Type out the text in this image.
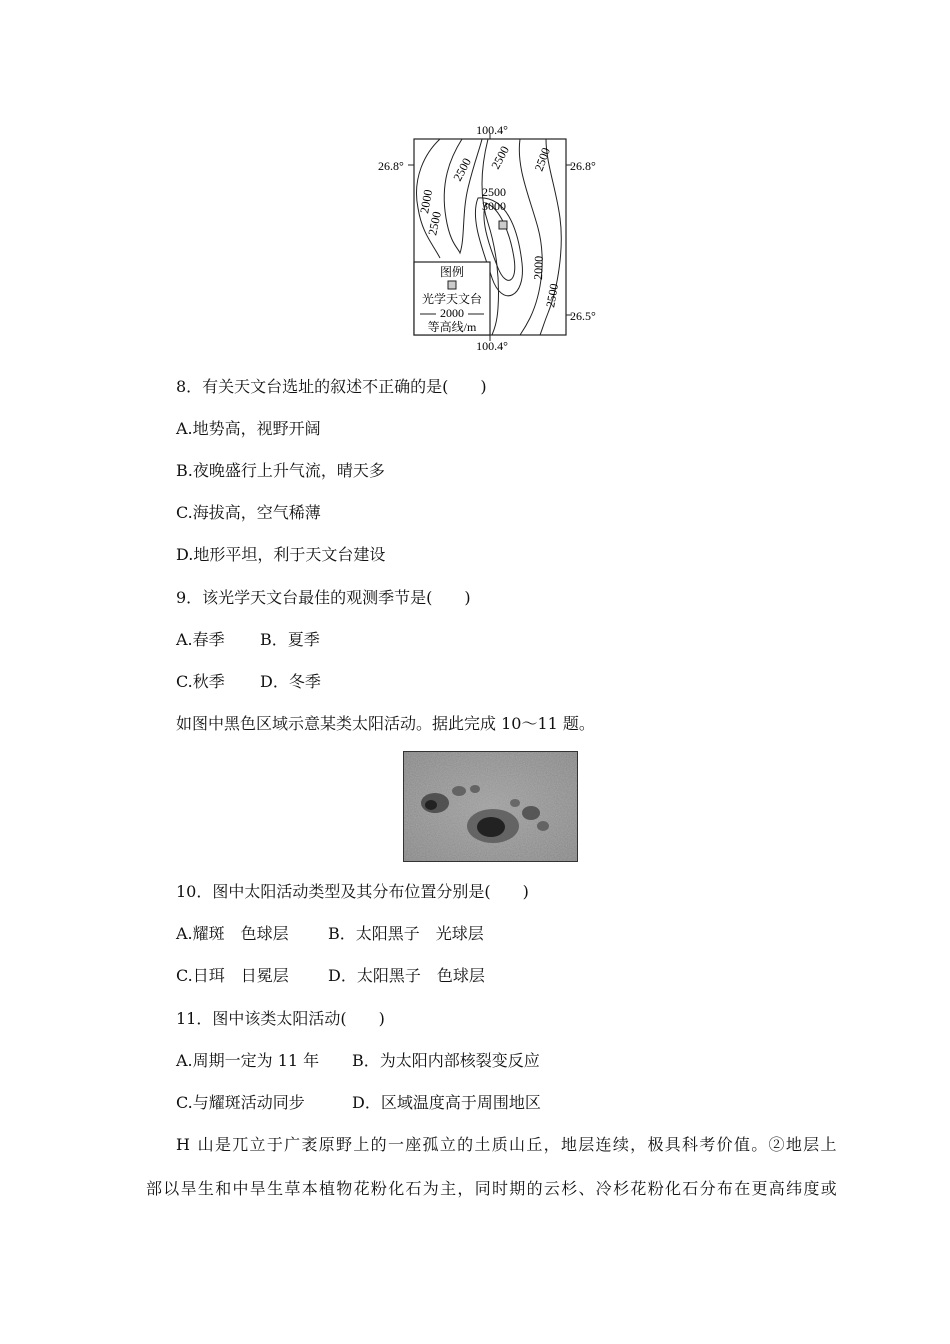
100.4°
26.8°	26.8°
26.5°
100.4°
2500 2500 2500
2000
2500
2500
3000
2000
2500
图例
光学天文台
2000
等高线/m
8．有关天文台选址的叙述不正确的是(　　)
A.地势高，视野开阔
B.夜晚盛行上升气流，晴天多
C.海拔高，空气稀薄
D.地形平坦，利于天文台建设
9．该光学天文台最佳的观测季节是(　　)
A.春季 B．夏季
C.秋季 D．冬季
如图中黑色区域示意某类太阳活动。据此完成 10～11 题。
10．图中太阳活动类型及其分布位置分别是(　　)
A.耀斑　色球层 B．太阳黑子　光球层
C.日珥　日冕层 D．太阳黑子　色球层
11．图中该类太阳活动(　　)
A.周期一定为 11 年 B．为太阳内部核裂变反应
C.与耀斑活动同步	D．区域温度高于周围地区
H 山是兀立于广袤原野上的一座孤立的土质山丘，地层连续，极具科考价值。②地层上
部以旱生和中旱生草本植物花粉化石为主，同时期的云杉、冷杉花粉化石分布在更高纬度或
